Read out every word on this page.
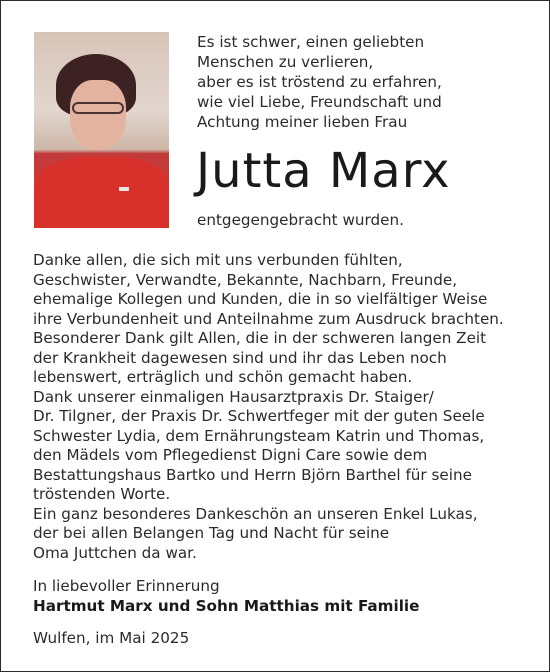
Es ist schwer, einen geliebten
Menschen zu verlieren,
aber es ist tröstend zu erfahren,
wie viel Liebe, Freundschaft und
Achtung meiner lieben Frau
Jutta Marx
entgegengebracht wurden.
Danke allen, die sich mit uns verbunden fühlten,
Geschwister, Verwandte, Bekannte, Nachbarn, Freunde,
ehemalige Kollegen und Kunden, die in so vielfältiger Weise
ihre Verbundenheit und Anteilnahme zum Ausdruck brachten.
Besonderer Dank gilt Allen, die in der schweren langen Zeit
der Krankheit dagewesen sind und ihr das Leben noch
lebenswert, erträglich und schön gemacht haben.
Dank unserer einmaligen Hausarztpraxis Dr. Staiger/
Dr. Tilgner, der Praxis Dr. Schwertfeger mit der guten Seele
Schwester Lydia, dem Ernährungsteam Katrin und Thomas,
den Mädels vom Pflegedienst Digni Care sowie dem
Bestattungshaus Bartko und Herrn Björn Barthel für seine
tröstenden Worte.
Ein ganz besonderes Dankeschön an unseren Enkel Lukas,
der bei allen Belangen Tag und Nacht für seine
Oma Juttchen da war.
In liebevoller Erinnerung
Hartmut Marx und Sohn Matthias mit Familie
Wulfen, im Mai 2025
